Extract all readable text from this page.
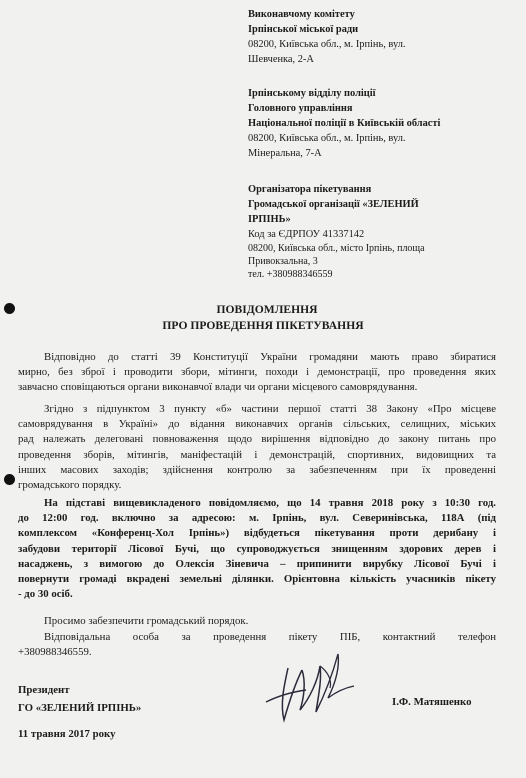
Виконавчому комітету
Ірпінської міської ради
08200, Київська обл., м. Ірпінь, вул.
Шевченка, 2-А
Ірпінському відділу поліції
Головного управління
Національної поліції в Київській області
08200, Київська обл., м. Ірпінь, вул.
Мінеральна, 7-А
Організатора пікетування
Громадської організації «ЗЕЛЕНИЙ
ІРПІНЬ»
Код за ЄДРПОУ 41337142
08200, Київська обл., місто Ірпінь, площа
Привокзальна, 3
тел. +380988346559
ПОВІДОМЛЕННЯ
ПРО ПРОВЕДЕННЯ ПІКЕТУВАННЯ
Відповідно до статті 39 Конституції України громадяни мають право збиратися
мирно, без зброї і проводити збори, мітинги, походи і демонстрації, про проведення яких
завчасно сповіщаються органи виконавчої влади чи органи місцевого самоврядування.
Згідно з підпунктом 3 пункту «б» частини першої статті 38 Закону «Про місцеве
самоврядування в Україні» до відання виконавчих органів сільських, селищних, міських
рад належать делеговані повноваження щодо вирішення відповідно до закону питань про
проведення зборів, мітингів, маніфестацій і демонстрацій, спортивних, видовищних та
інших масових заходів; здійснення контролю за забезпеченням при їх проведенні
громадського порядку.
На підставі вищевикладеного повідомляємо, що 14 травня 2018 року з 10:30 год.
до 12:00 год. включно за адресою: м. Ірпінь, вул. Северинівська, 118А (під
комплексом «Конференц-Хол Ірпінь») відбудеться пікетування проти дерибану і
забудови території Лісової Бучі, що супроводжується знищенням здорових дерев і
насаджень, з вимогою до Олексія Зіневича – припинити вирубку Лісової Бучі і
повернути громаді вкрадені земельні ділянки. Орієнтовна кількість учасників пікету
- до 30 осіб.
Просимо забезпечити громадський порядок.
Відповідальна особа за проведення пікету ПІБ, контактний телефон
+380988346559.
Президент
ГО «ЗЕЛЕНИЙ ІРПІНЬ»	І.Ф. Матяшенко
11 травня 2017 року
